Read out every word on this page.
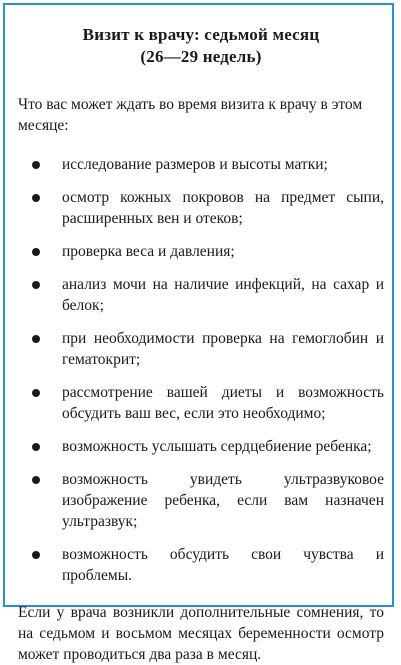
Визит к врачу: седьмой месяц
(26—29 недель)

Что вас может ждать во время визита к врачу в этом месяце:

исследование размеров и высоты матки;
осмотр кожных покровов на предмет сыпи, расширенных вен и отеков;
проверка веса и давления;
анализ мочи на наличие инфекций, на сахар и белок;
при необходимости проверка на гемоглобин и гематокрит;
рассмотрение вашей диеты и возможность обсудить ваш вес, если это необходимо;
возможность услышать сердцебиение ребенка;
возможность увидеть ультразвуковое изображение ребенка, если вам назначен ультразвук;
возможность обсудить свои чувства и проблемы.

Если у врача возникли дополнительные сомнения, то на седьмом и восьмом месяцах беременности осмотр может проводиться два раза в месяц.
